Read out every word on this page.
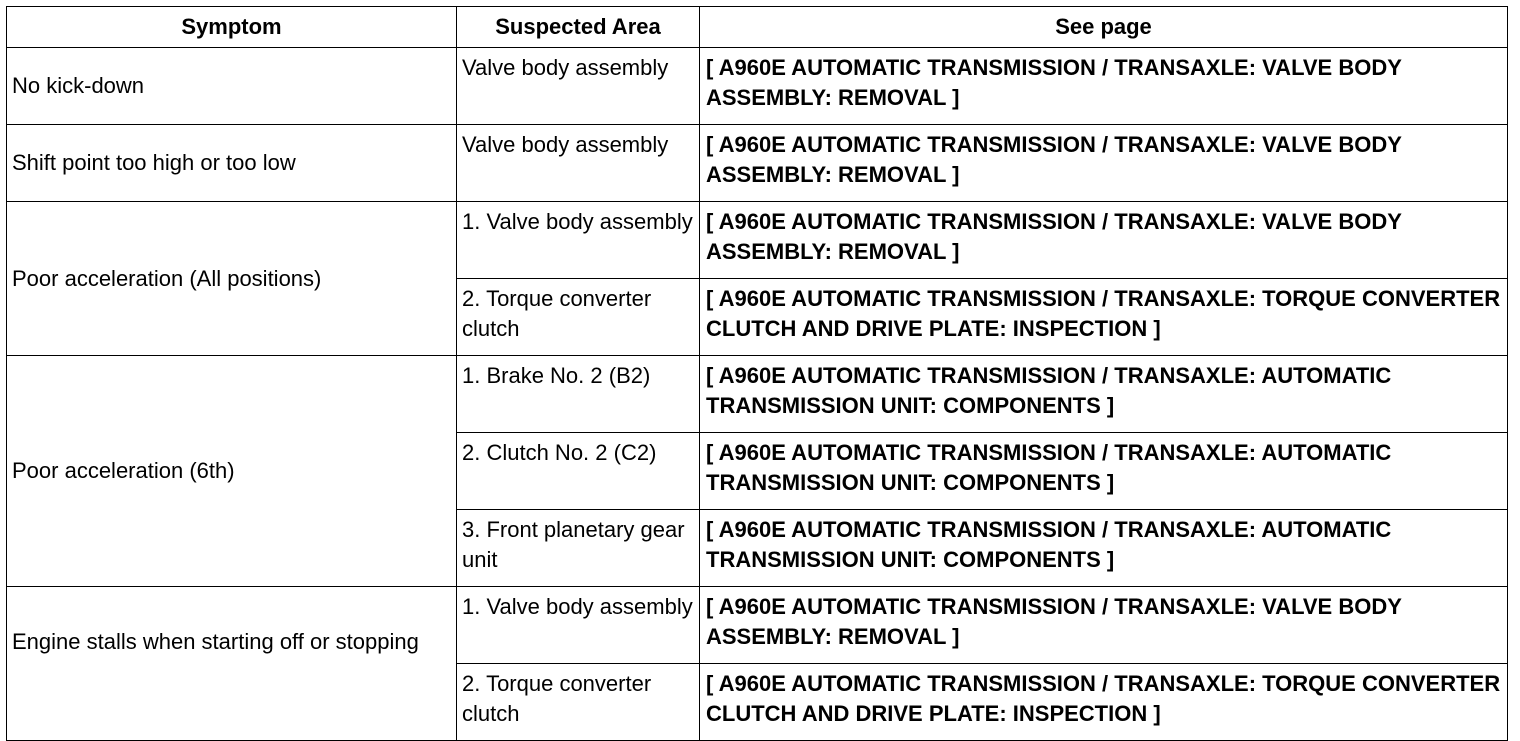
Symptom	Suspected Area	See page
No kick-down	Valve body assembly	[ A960E AUTOMATIC TRANSMISSION / TRANSAXLE: VALVE BODY ASSEMBLY: REMOVAL ]
Shift point too high or too low	Valve body assembly	[ A960E AUTOMATIC TRANSMISSION / TRANSAXLE: VALVE BODY ASSEMBLY: REMOVAL ]
Poor acceleration (All positions)	1. Valve body assembly	[ A960E AUTOMATIC TRANSMISSION / TRANSAXLE: VALVE BODY ASSEMBLY: REMOVAL ]
	2. Torque converter clutch	[ A960E AUTOMATIC TRANSMISSION / TRANSAXLE: TORQUE CONVERTER CLUTCH AND DRIVE PLATE: INSPECTION ]
Poor acceleration (6th)	1. Brake No. 2 (B2)	[ A960E AUTOMATIC TRANSMISSION / TRANSAXLE: AUTOMATIC TRANSMISSION UNIT: COMPONENTS ]
	2. Clutch No. 2 (C2)	[ A960E AUTOMATIC TRANSMISSION / TRANSAXLE: AUTOMATIC TRANSMISSION UNIT: COMPONENTS ]
	3. Front planetary gear unit	[ A960E AUTOMATIC TRANSMISSION / TRANSAXLE: AUTOMATIC TRANSMISSION UNIT: COMPONENTS ]
Engine stalls when starting off or stopping	1. Valve body assembly	[ A960E AUTOMATIC TRANSMISSION / TRANSAXLE: VALVE BODY ASSEMBLY: REMOVAL ]
	2. Torque converter clutch	[ A960E AUTOMATIC TRANSMISSION / TRANSAXLE: TORQUE CONVERTER CLUTCH AND DRIVE PLATE: INSPECTION ]
